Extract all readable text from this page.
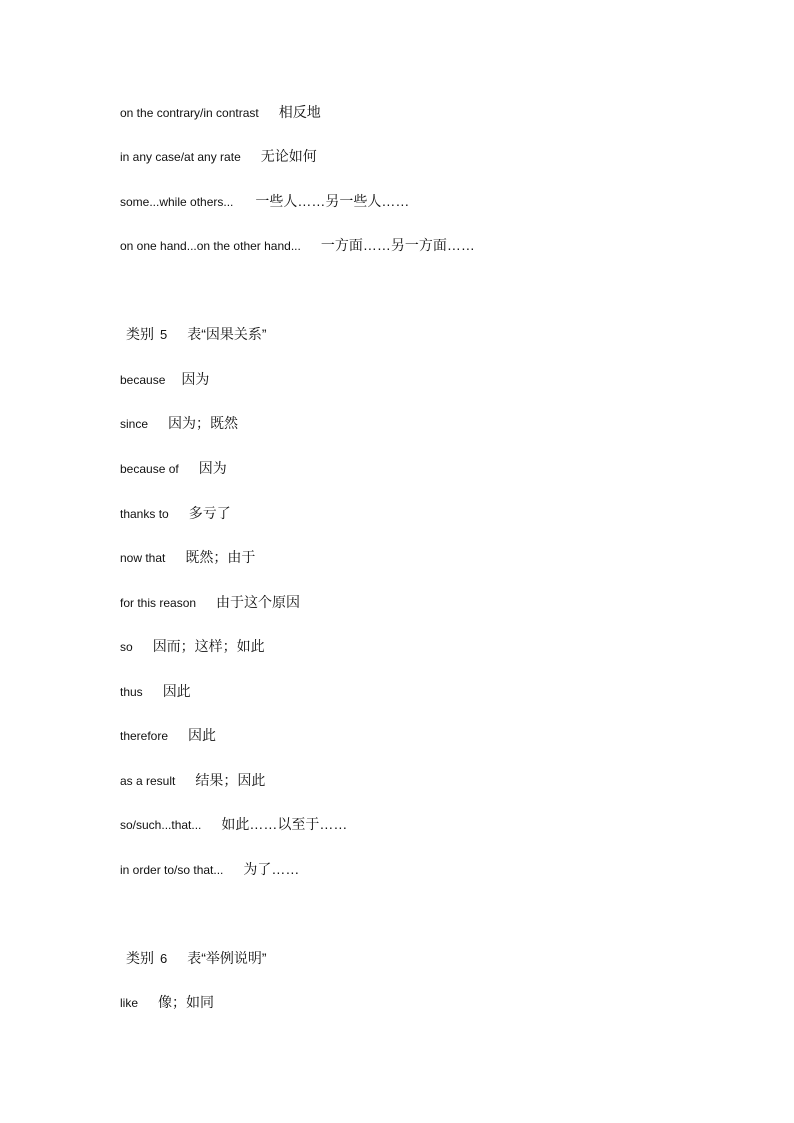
on the contrary/in contrast 相反地
in any case/at any rate 无论如何
some...while others... 一些人……另一些人……
on one hand...on the other hand... 一方面……另一方面……
类别 5 表“因果关系”
because 因为
since 因为；既然
because of 因为
thanks to 多亏了
now that 既然；由于
for this reason 由于这个原因
so 因而；这样；如此
thus 因此
therefore 因此
as a result 结果；因此
so/such...that... 如此……以至于……
in order to/so that... 为了……
类别 6 表“举例说明”
like 像；如同
